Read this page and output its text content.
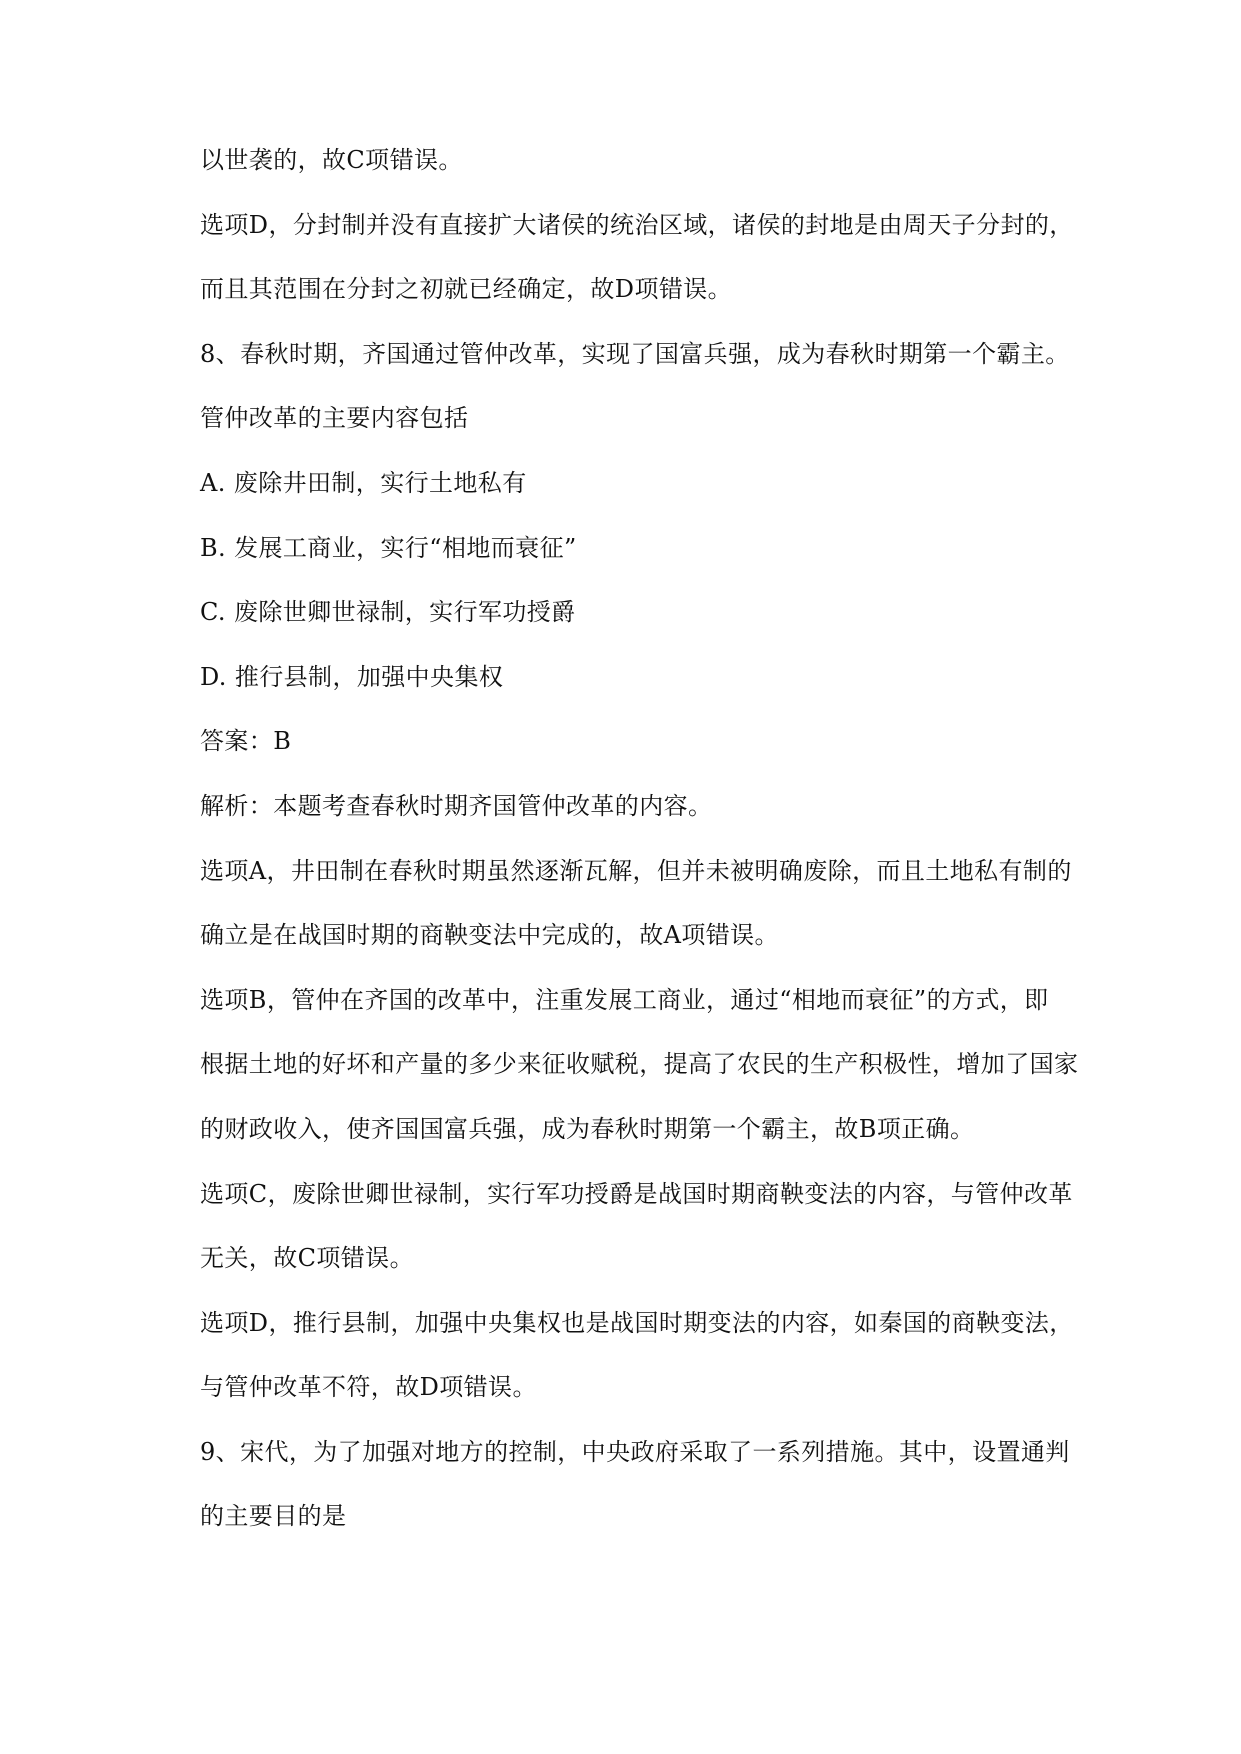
以世袭的，故C项错误。

选项D，分封制并没有直接扩大诸侯的统治区域，诸侯的封地是由周天子分封的，

而且其范围在分封之初就已经确定，故D项错误。

8、春秋时期，齐国通过管仲改革，实现了国富兵强，成为春秋时期第一个霸主。

管仲改革的主要内容包括

A. 废除井田制，实行土地私有

B. 发展工商业，实行“相地而衰征”

C. 废除世卿世禄制，实行军功授爵

D. 推行县制，加强中央集权

答案：B

解析：本题考查春秋时期齐国管仲改革的内容。

选项A，井田制在春秋时期虽然逐渐瓦解，但并未被明确废除，而且土地私有制的

确立是在战国时期的商鞅变法中完成的，故A项错误。

选项B，管仲在齐国的改革中，注重发展工商业，通过“相地而衰征”的方式，即

根据土地的好坏和产量的多少来征收赋税，提高了农民的生产积极性，增加了国家

的财政收入，使齐国国富兵强，成为春秋时期第一个霸主，故B项正确。

选项C，废除世卿世禄制，实行军功授爵是战国时期商鞅变法的内容，与管仲改革

无关，故C项错误。

选项D，推行县制，加强中央集权也是战国时期变法的内容，如秦国的商鞅变法，

与管仲改革不符，故D项错误。

9、宋代，为了加强对地方的控制，中央政府采取了一系列措施。其中，设置通判

的主要目的是
